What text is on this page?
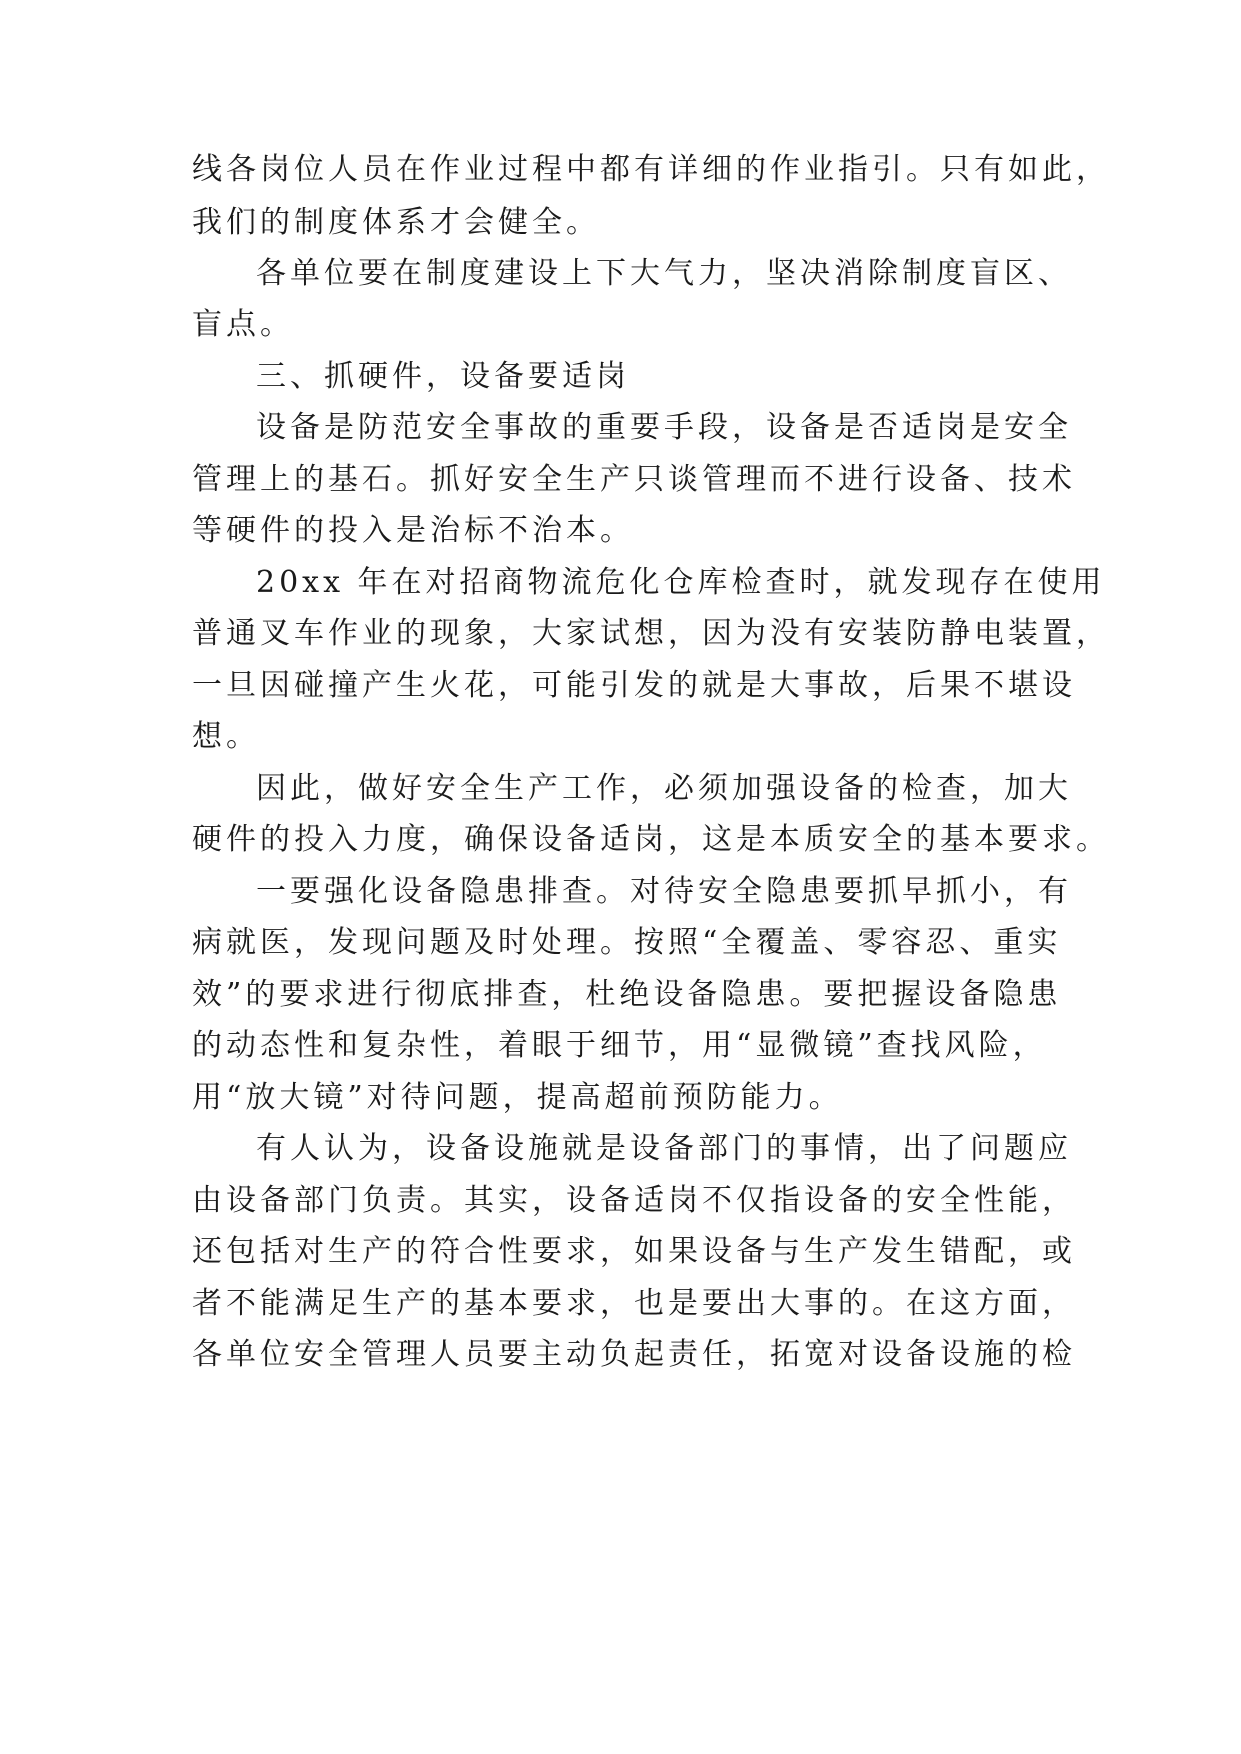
线各岗位人员在作业过程中都有详细的作业指引。只有如此，
我们的制度体系才会健全。
各单位要在制度建设上下大气力，坚决消除制度盲区、
盲点。
三、抓硬件，设备要适岗
设备是防范安全事故的重要手段，设备是否适岗是安全
管理上的基石。抓好安全生产只谈管理而不进行设备、技术
等硬件的投入是治标不治本。
20xx 年在对招商物流危化仓库检查时，就发现存在使用
普通叉车作业的现象，大家试想，因为没有安装防静电装置，
一旦因碰撞产生火花，可能引发的就是大事故，后果不堪设
想。
因此，做好安全生产工作，必须加强设备的检查，加大
硬件的投入力度，确保设备适岗，这是本质安全的基本要求。
一要强化设备隐患排查。对待安全隐患要抓早抓小，有
病就医，发现问题及时处理。按照“全覆盖、零容忍、重实
效”的要求进行彻底排查，杜绝设备隐患。要把握设备隐患
的动态性和复杂性，着眼于细节，用“显微镜”查找风险，
用“放大镜”对待问题，提高超前预防能力。
有人认为，设备设施就是设备部门的事情，出了问题应
由设备部门负责。其实，设备适岗不仅指设备的安全性能，
还包括对生产的符合性要求，如果设备与生产发生错配，或
者不能满足生产的基本要求，也是要出大事的。在这方面，
各单位安全管理人员要主动负起责任，拓宽对设备设施的检
